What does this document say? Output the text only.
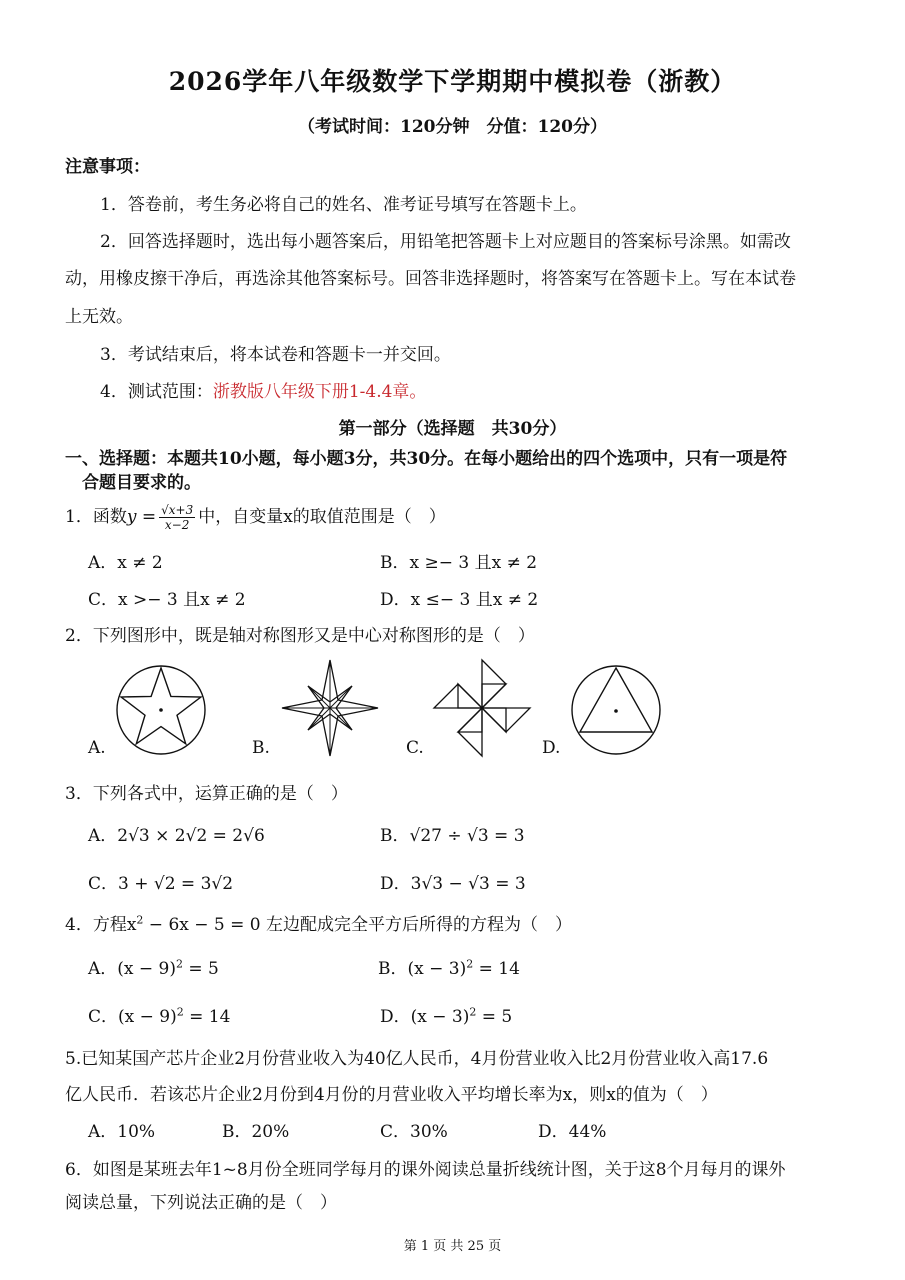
2026学年八年级数学下学期期中模拟卷（浙教）
（考试时间：120分钟　分值：120分）
注意事项：
1．答卷前，考生务必将自己的姓名、准考证号填写在答题卡上。
2．回答选择题时，选出每小题答案后，用铅笔把答题卡上对应题目的答案标号涂黑。如需改
动，用橡皮擦干净后，再选涂其他答案标号。回答非选择题时，将答案写在答题卡上。写在本试卷
上无效。
3．考试结束后，将本试卷和答题卡一并交回。
4．测试范围：浙教版八年级下册1-4.4章。
第一部分（选择题　共30分）
一、选择题：本题共10小题，每小题3分，共30分。在每小题给出的四个选项中，只有一项是符
合题目要求的。
1．函数$y = \frac{√x+3}{x-2}$ 中，自变量x的取值范围是（　）
A．x ≠ 2	B．x ≥− 3 且x ≠ 2
C．x >− 3 且x ≠ 2	D．x ≤− 3 且x ≠ 2
2．下列图形中，既是轴对称图形又是中心对称图形的是（　）
A.	B.	C.	D.
3．下列各式中，运算正确的是（　）
A．2√3 × 2√2 = 2√6	B．√27 ÷ √3 = 3
C．3 + √2 = 3√2	D．3√3 − √3 = 3
4．方程$x^2 - 6x - 5 = 0$ 左边配成完全平方后所得的方程为（　）
A．$(x - 9)^2 = 5$	B．$(x - 3)^2 = 14$
C．$(x - 9)^2 = 14$	D．$(x - 3)^2 = 5$
5.已知某国产芯片企业2月份营业收入为40亿人民币，4月份营业收入比2月份营业收入高17.6
亿人民币．若该芯片企业2月份到4月份的月营业收入平均增长率为x，则x的值为（　）
A．10%	B．20%	C．30%	D．44%
6．如图是某班去年1~8月份全班同学每月的课外阅读总量折线统计图，关于这8个月每月的课外
阅读总量，下列说法正确的是（　）
第 1 页 共 25 页
